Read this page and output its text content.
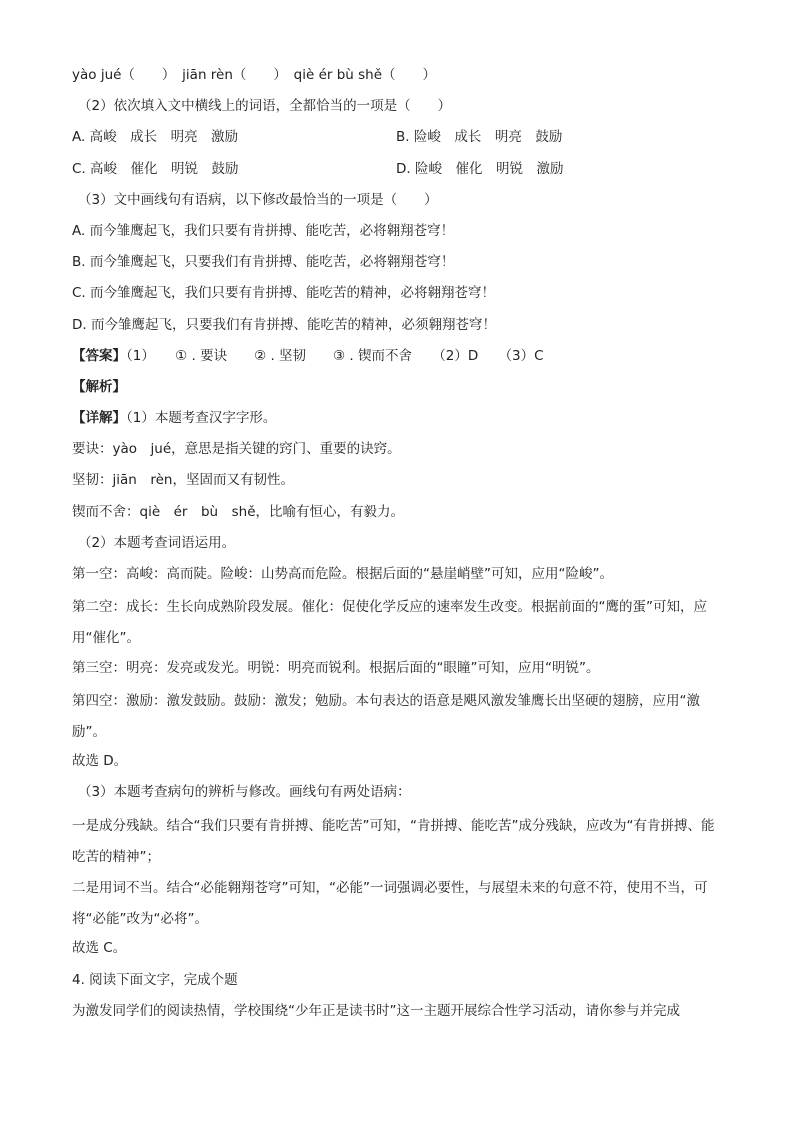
yào jué（　　）　jiān rèn（　　）　qiè ér bù shě（　　）
（2）依次填入文中横线上的词语，全都恰当的一项是（　　）
A. 高峻　成长　明亮　激励	B. 险峻　成长　明亮　鼓励
C. 高峻　催化　明锐　鼓励	D. 险峻　催化　明锐　激励
（3）文中画线句有语病，以下修改最恰当的一项是（　　）
A. 而今雏鹰起飞，我们只要有肯拼搏、能吃苦，必将翱翔苍穹！
B. 而今雏鹰起飞，只要我们有肯拼搏、能吃苦，必将翱翔苍穹！
C. 而今雏鹰起飞，我们只要有肯拼搏、能吃苦的精神，必将翱翔苍穹！
D. 而今雏鹰起飞，只要我们有肯拼搏、能吃苦的精神，必须翱翔苍穹！
【答案】（1）　　① . 要诀　　② . 坚韧　　③ . 锲而不舍　　（2）D　　（3）C
【解析】
【详解】（1）本题考查汉字字形。
要诀：yào　jué，意思是指关键的窍门、重要的诀窍。
坚韧：jiān　rèn，坚固而又有韧性。
锲而不舍：qiè　ér　bù　shě，比喻有恒心，有毅力。
（2）本题考查词语运用。
第一空：高峻：高而陡。险峻：山势高而危险。根据后面的“悬崖峭壁”可知，应用“险峻”。
第二空：成长：生长向成熟阶段发展。催化：促使化学反应的速率发生改变。根据前面的“鹰的蛋”可知，应用“催化”。
第三空：明亮：发亮或发光。明锐：明亮而锐利。根据后面的“眼瞳”可知，应用“明锐”。
第四空：激励：激发鼓励。鼓励：激发；勉励。本句表达的语意是飓风激发雏鹰长出坚硬的翅膀，应用“激励”。
故选 D。
（3）本题考查病句的辨析与修改。画线句有两处语病：
一是成分残缺。结合“我们只要有肯拼搏、能吃苦”可知，“肯拼搏、能吃苦”成分残缺，应改为“有肯拼搏、能吃苦的精神”；
二是用词不当。结合“必能翱翔苍穹”可知，“必能”一词强调必要性，与展望未来的句意不符，使用不当，可将“必能”改为“必将”。
故选 C。
4. 阅读下面文字，完成个题
为激发同学们的阅读热情，学校围绕“少年正是读书时”这一主题开展综合性学习活动，请你参与并完成
